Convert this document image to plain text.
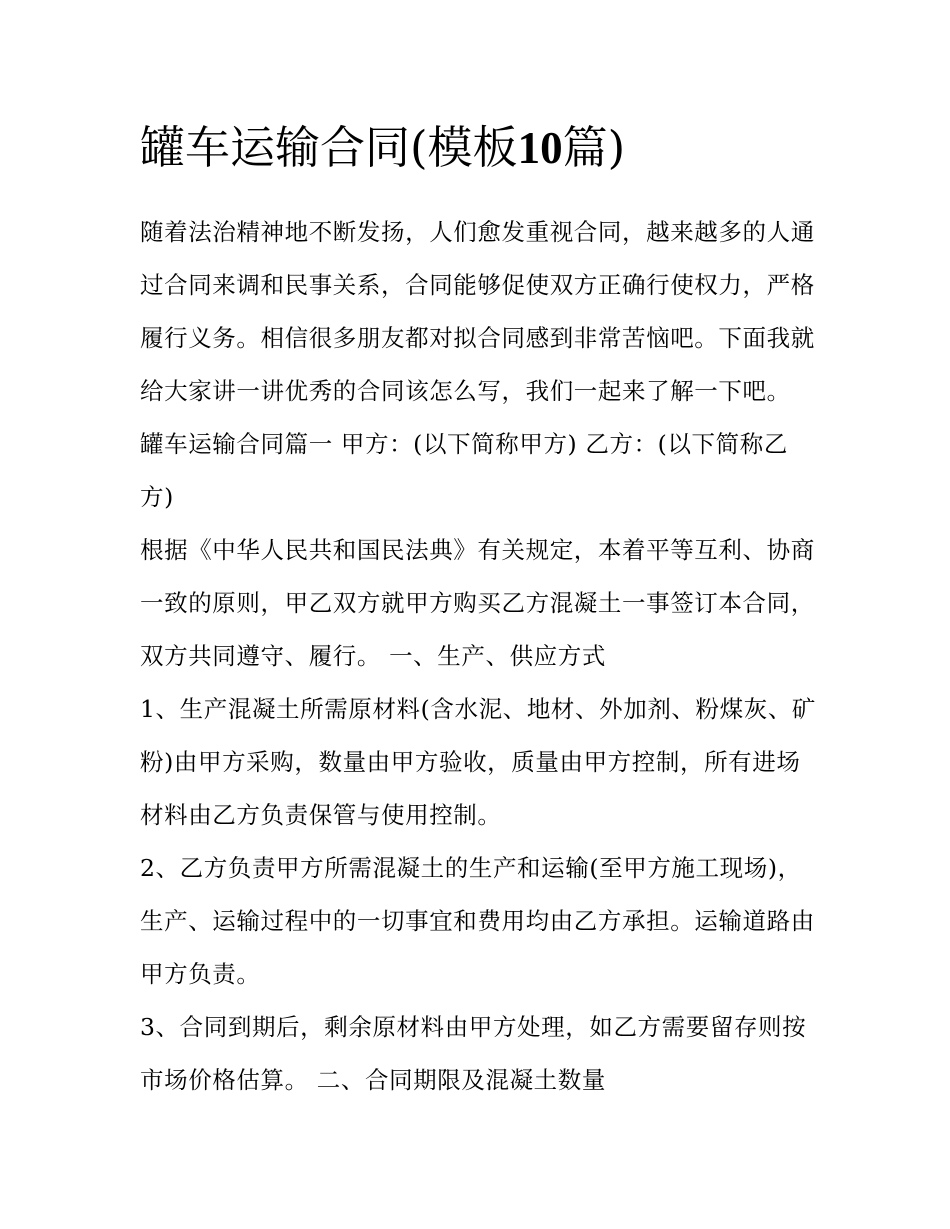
罐车运输合同(模板10篇)

随着法治精神地不断发扬，人们愈发重视合同，越来越多的人通过合同来调和民事关系，合同能够促使双方正确行使权力，严格履行义务。相信很多朋友都对拟合同感到非常苦恼吧。下面我就给大家讲一讲优秀的合同该怎么写，我们一起来了解一下吧。

罐车运输合同篇一 甲方：(以下简称甲方) 乙方：(以下简称乙方)

根据《中华人民共和国民法典》有关规定，本着平等互利、协商一致的原则，甲乙双方就甲方购买乙方混凝土一事签订本合同，双方共同遵守、履行。 一、生产、供应方式

1、生产混凝土所需原材料(含水泥、地材、外加剂、粉煤灰、矿粉)由甲方采购，数量由甲方验收，质量由甲方控制，所有进场材料由乙方负责保管与使用控制。

2、乙方负责甲方所需混凝土的生产和运输(至甲方施工现场)，生产、运输过程中的一切事宜和费用均由乙方承担。运输道路由甲方负责。

3、合同到期后，剩余原材料由甲方处理，如乙方需要留存则按市场价格估算。 二、合同期限及混凝土数量
